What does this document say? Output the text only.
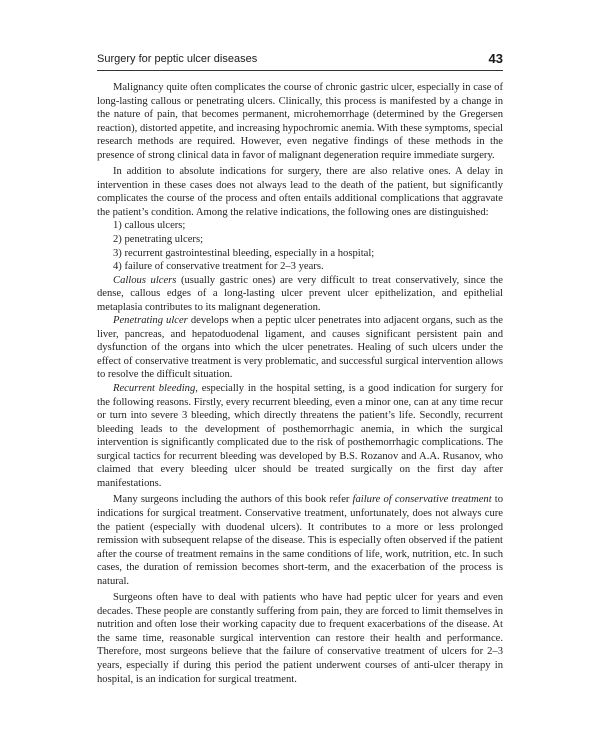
Surgery for peptic ulcer diseases	43

Malignancy quite often complicates the course of chronic gastric ulcer, especially in case of long-lasting callous or penetrating ulcers. Clinically, this process is manifested by a change in the nature of pain, that becomes permanent, microhemorrhage (determined by the Gregersen reaction), distorted appetite, and increasing hypochromic anemia. With these symptoms, special research methods are required. However, even negative findings of these methods in the presence of strong clinical data in favor of malignant degeneration require immediate surgery.

In addition to absolute indications for surgery, there are also relative ones. A delay in intervention in these cases does not always lead to the death of the patient, but significantly complicates the course of the process and often entails additional complications that aggravate the patient’s condition. Among the relative indications, the following ones are distinguished:

1) callous ulcers;

2) penetrating ulcers;

3) recurrent gastrointestinal bleeding, especially in a hospital;

4) failure of conservative treatment for 2–3 years.

Callous ulcers (usually gastric ones) are very difficult to treat conservatively, since the dense, callous edges of a long-lasting ulcer prevent ulcer epithelization, and epithelial metaplasia contributes to its malignant degeneration.

Penetrating ulcer develops when a peptic ulcer penetrates into adjacent organs, such as the liver, pancreas, and hepatoduodenal ligament, and causes significant persistent pain and dysfunction of the organs into which the ulcer penetrates. Healing of such ulcers under the effect of conservative treatment is very problematic, and successful surgical intervention allows to resolve the difficult situation.

Recurrent bleeding, especially in the hospital setting, is a good indication for surgery for the following reasons. Firstly, every recurrent bleeding, even a minor one, can at any time recur or turn into severe 3 bleeding, which directly threatens the patient’s life. Secondly, recurrent bleeding leads to the development of posthemorrhagic anemia, in which the surgical intervention is significantly complicated due to the risk of posthemorrhagic complications. The surgical tactics for recurrent bleeding was developed by B.S. Rozanov and A.A. Rusanov, who claimed that every bleeding ulcer should be treated surgically on the first day after manifestations.

Many surgeons including the authors of this book refer failure of conservative treatment to indications for surgical treatment. Conservative treatment, unfortunately, does not always cure the patient (especially with duodenal ulcers). It contributes to a more or less prolonged remission with subsequent relapse of the disease. This is especially often observed if the patient after the course of treatment remains in the same conditions of life, work, nutrition, etc. In such cases, the duration of remission becomes short-term, and the exacerbation of the process is natural.

Surgeons often have to deal with patients who have had peptic ulcer for years and even decades. These people are constantly suffering from pain, they are forced to limit themselves in nutrition and often lose their working capacity due to frequent exacerbations of the disease. At the same time, reasonable surgical intervention can restore their health and performance. Therefore, most surgeons believe that the failure of conservative treatment of ulcers for 2–3 years, especially if during this period the patient underwent courses of anti-ulcer therapy in hospital, is an indication for surgical treatment.
